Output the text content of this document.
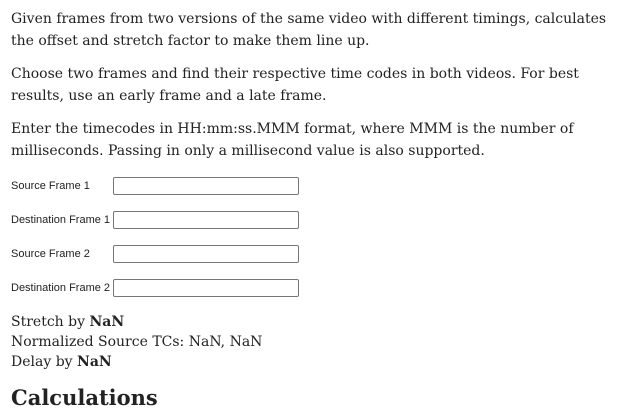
Given frames from two versions of the same video with different timings, calculates the offset and stretch factor to make them line up.

Choose two frames and find their respective time codes in both videos. For best results, use an early frame and a late frame.

Enter the timecodes in HH:mm:ss.MMM format, where MMM is the number of milliseconds. Passing in only a millisecond value is also supported.

Source Frame 1
Destination Frame 1
Source Frame 2
Destination Frame 2
Stretch by NaN
Normalized Source TCs: NaN, NaN
Delay by NaN
Calculations
